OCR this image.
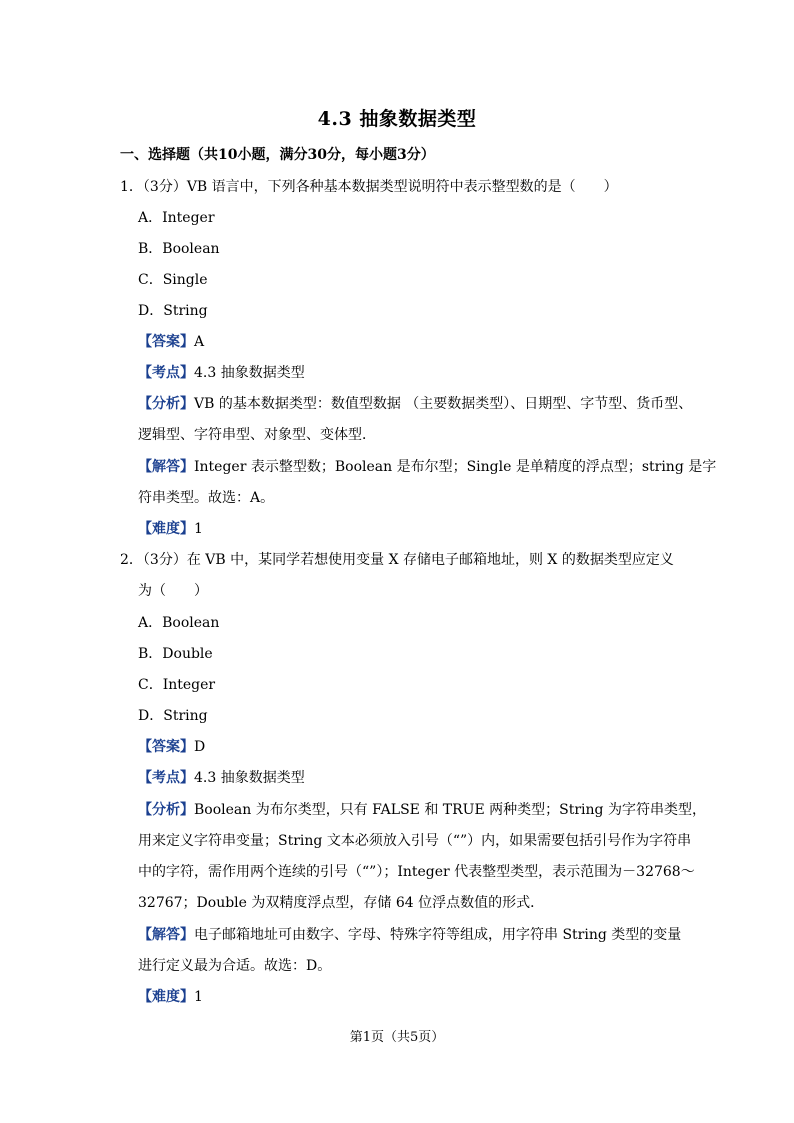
4.3 抽象数据类型
一、选择题（共10小题，满分30分，每小题3分）
1．（3分）VB 语言中，下列各种基本数据类型说明符中表示整型数的是（　　）
A．Integer
B．Boolean
C．Single
D．String
【答案】A
【考点】4.3 抽象数据类型
【分析】VB 的基本数据类型：数值型数据 （主要数据类型）、日期型、字节型、货币型、
逻辑型、字符串型、对象型、变体型．
【解答】Integer 表示整型数；Boolean 是布尔型；Single 是单精度的浮点型；string 是字
符串类型。故选：A。
【难度】1
2．（3分）在 VB 中，某同学若想使用变量 X 存储电子邮箱地址，则 X 的数据类型应定义
为（　　）
A．Boolean
B．Double
C．Integer
D．String
【答案】D
【考点】4.3 抽象数据类型
【分析】Boolean 为布尔类型，只有 FALSE 和 TRUE 两种类型；String 为字符串类型，
用来定义字符串变量；String 文本必须放入引号（“”）内，如果需要包括引号作为字符串
中的字符，需作用两个连续的引号（“”）；Integer 代表整型类型，表示范围为－32768～
32767；Double 为双精度浮点型，存储 64 位浮点数值的形式．
【解答】电子邮箱地址可由数字、字母、特殊字符等组成，用字符串 String 类型的变量
进行定义最为合适。故选：D。
【难度】1
第1页（共5页）
